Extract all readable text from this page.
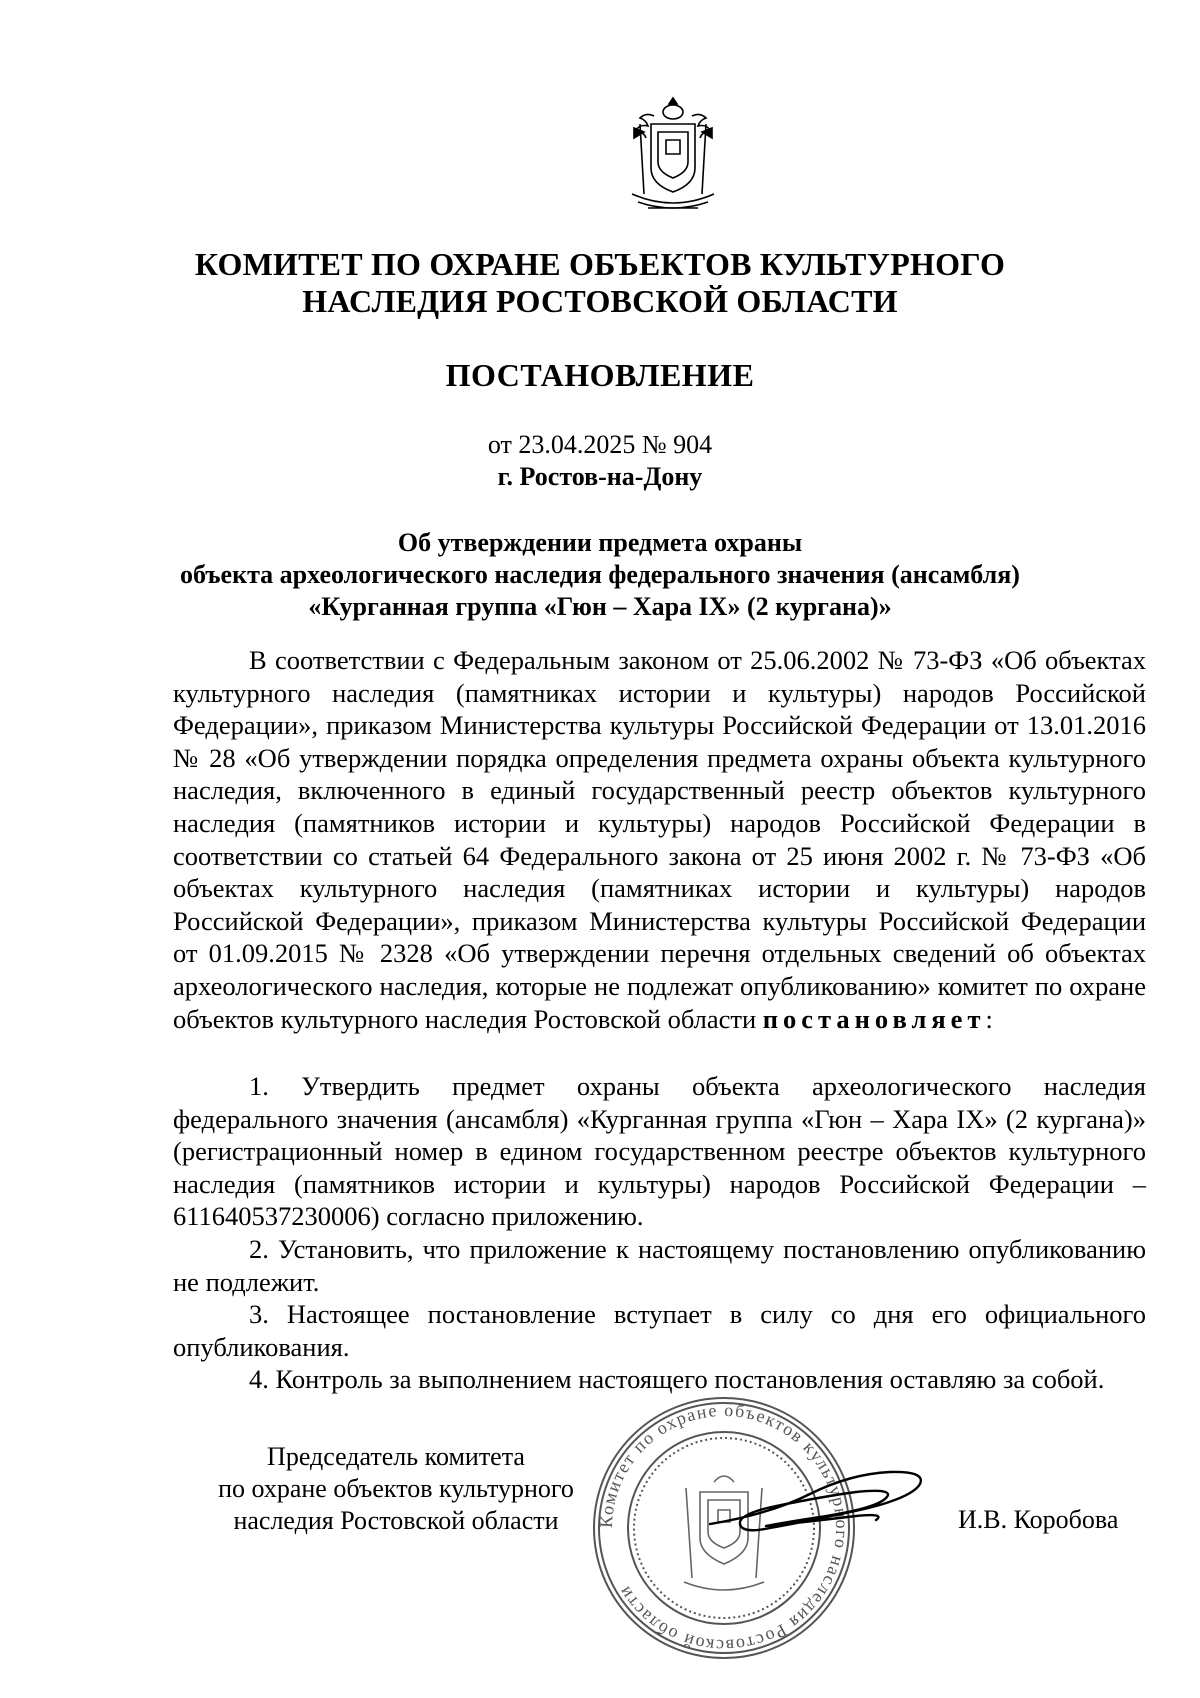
КОМИТЕТ ПО ОХРАНЕ ОБЪЕКТОВ КУЛЬТУРНОГО
НАСЛЕДИЯ РОСТОВСКОЙ ОБЛАСТИ
ПОСТАНОВЛЕНИЕ
от 23.04.2025 № 904
г. Ростов-на-Дону
Об утверждении предмета охраны
объекта археологического наследия федерального значения (ансамбля)
«Курганная группа «Гюн – Хара IX» (2 кургана)»

В соответствии с Федеральным законом от 25.06.2002 № 73-ФЗ «Об объектах культурного наследия (памятниках истории и культуры) народов Российской Федерации», приказом Министерства культуры Российской Федерации от 13.01.2016 № 28 «Об утверждении порядка определения предмета охраны объекта культурного наследия, включенного в единый государственный реестр объектов культурного наследия (памятников истории и культуры) народов Российской Федерации в соответствии со статьей 64 Федерального закона от 25 июня 2002 г. № 73-ФЗ «Об объектах культурного наследия (памятниках истории и культуры) народов Российской Федерации», приказом Министерства культуры Российской Федерации от 01.09.2015 № 2328 «Об утверждении перечня отдельных сведений об объектах археологического наследия, которые не подлежат опубликованию» комитет по охране объектов культурного наследия Ростовской области постановляет:

1. Утвердить предмет охраны объекта археологического наследия федерального значения (ансамбля) «Курганная группа «Гюн – Хара IX» (2 кургана)» (регистрационный номер в едином государственном реестре объектов культурного наследия (памятников истории и культуры) народов Российской Федерации – 611640537230006) согласно приложению.

2. Установить, что приложение к настоящему постановлению опубликованию не подлежит.

3. Настоящее постановление вступает в силу со дня его официального опубликования.

4. Контроль за выполнением настоящего постановления оставляю за собой.

Председатель комитета
по охране объектов культурного
наследия Ростовской области	Комитет по охране объектов культурного наследия Ростовской области
И.В. Коробова
